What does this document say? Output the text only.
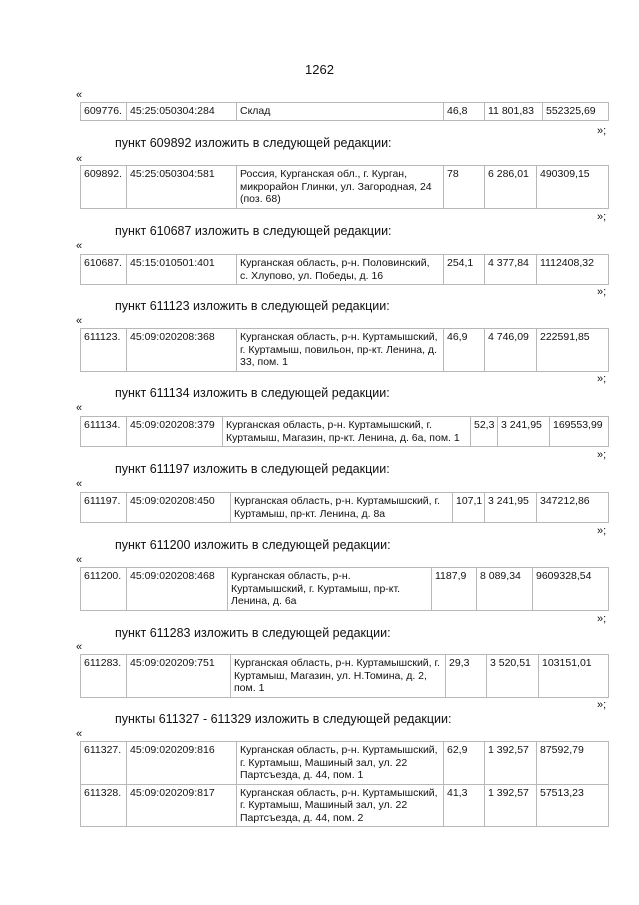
1262
«
609776.	45:25:050304:284	Склад	46,8	11 801,83	552325,69
»;
пункт 609892 изложить в следующей редакции:
«
609892.	45:25:050304:581	Россия, Курганская обл., г. Курган, микрорайон Глинки, ул. Загородная, 24 (поз. 68)	78	6 286,01	490309,15
»;
пункт 610687 изложить в следующей редакции:
«
610687.	45:15:010501:401	Курганская область, р-н. Половинский, с. Хлупово, ул. Победы, д. 16	254,1	4 377,84	1112408,32
»;
пункт 611123 изложить в следующей редакции:
«
611123.	45:09:020208:368	Курганская область, р-н. Куртамышский, г. Куртамыш, повильон, пр-кт. Ленина, д. 33, пом. 1	46,9	4 746,09	222591,85
»;
пункт 611134 изложить в следующей редакции:
«
611134.	45:09:020208:379	Курганская область, р-н. Куртамышский, г. Куртамыш, Магазин, пр-кт. Ленина, д. 6а, пом. 1	52,3	3 241,95	169553,99
»;
пункт 611197 изложить в следующей редакции:
«
611197.	45:09:020208:450	Курганская область, р-н. Куртамышский, г. Куртамыш, пр-кт. Ленина, д. 8а	107,1	3 241,95	347212,86
»;
пункт 611200 изложить в следующей редакции:
«
611200.	45:09:020208:468	Курганская область, р-н. Куртамышский, г. Куртамыш, пр-кт. Ленина, д. 6а	1187,9	8 089,34	9609328,54
»;
пункт 611283 изложить в следующей редакции:
«
611283.	45:09:020209:751	Курганская область, р-н. Куртамышский, г. Куртамыш, Магазин, ул. Н.Томина, д. 2, пом. 1	29,3	3 520,51	103151,01
»;
пункты 611327 - 611329 изложить в следующей редакции:
«
611327.	45:09:020209:816	Курганская область, р-н. Куртамышский, г. Куртамыш, Машиный зал, ул. 22 Партсъезда, д. 44, пом. 1	62,9	1 392,57	87592,79
611328.	45:09:020209:817	Курганская область, р-н. Куртамышский, г. Куртамыш, Машиный зал, ул. 22 Партсъезда, д. 44, пом. 2	41,3	1 392,57	57513,23
